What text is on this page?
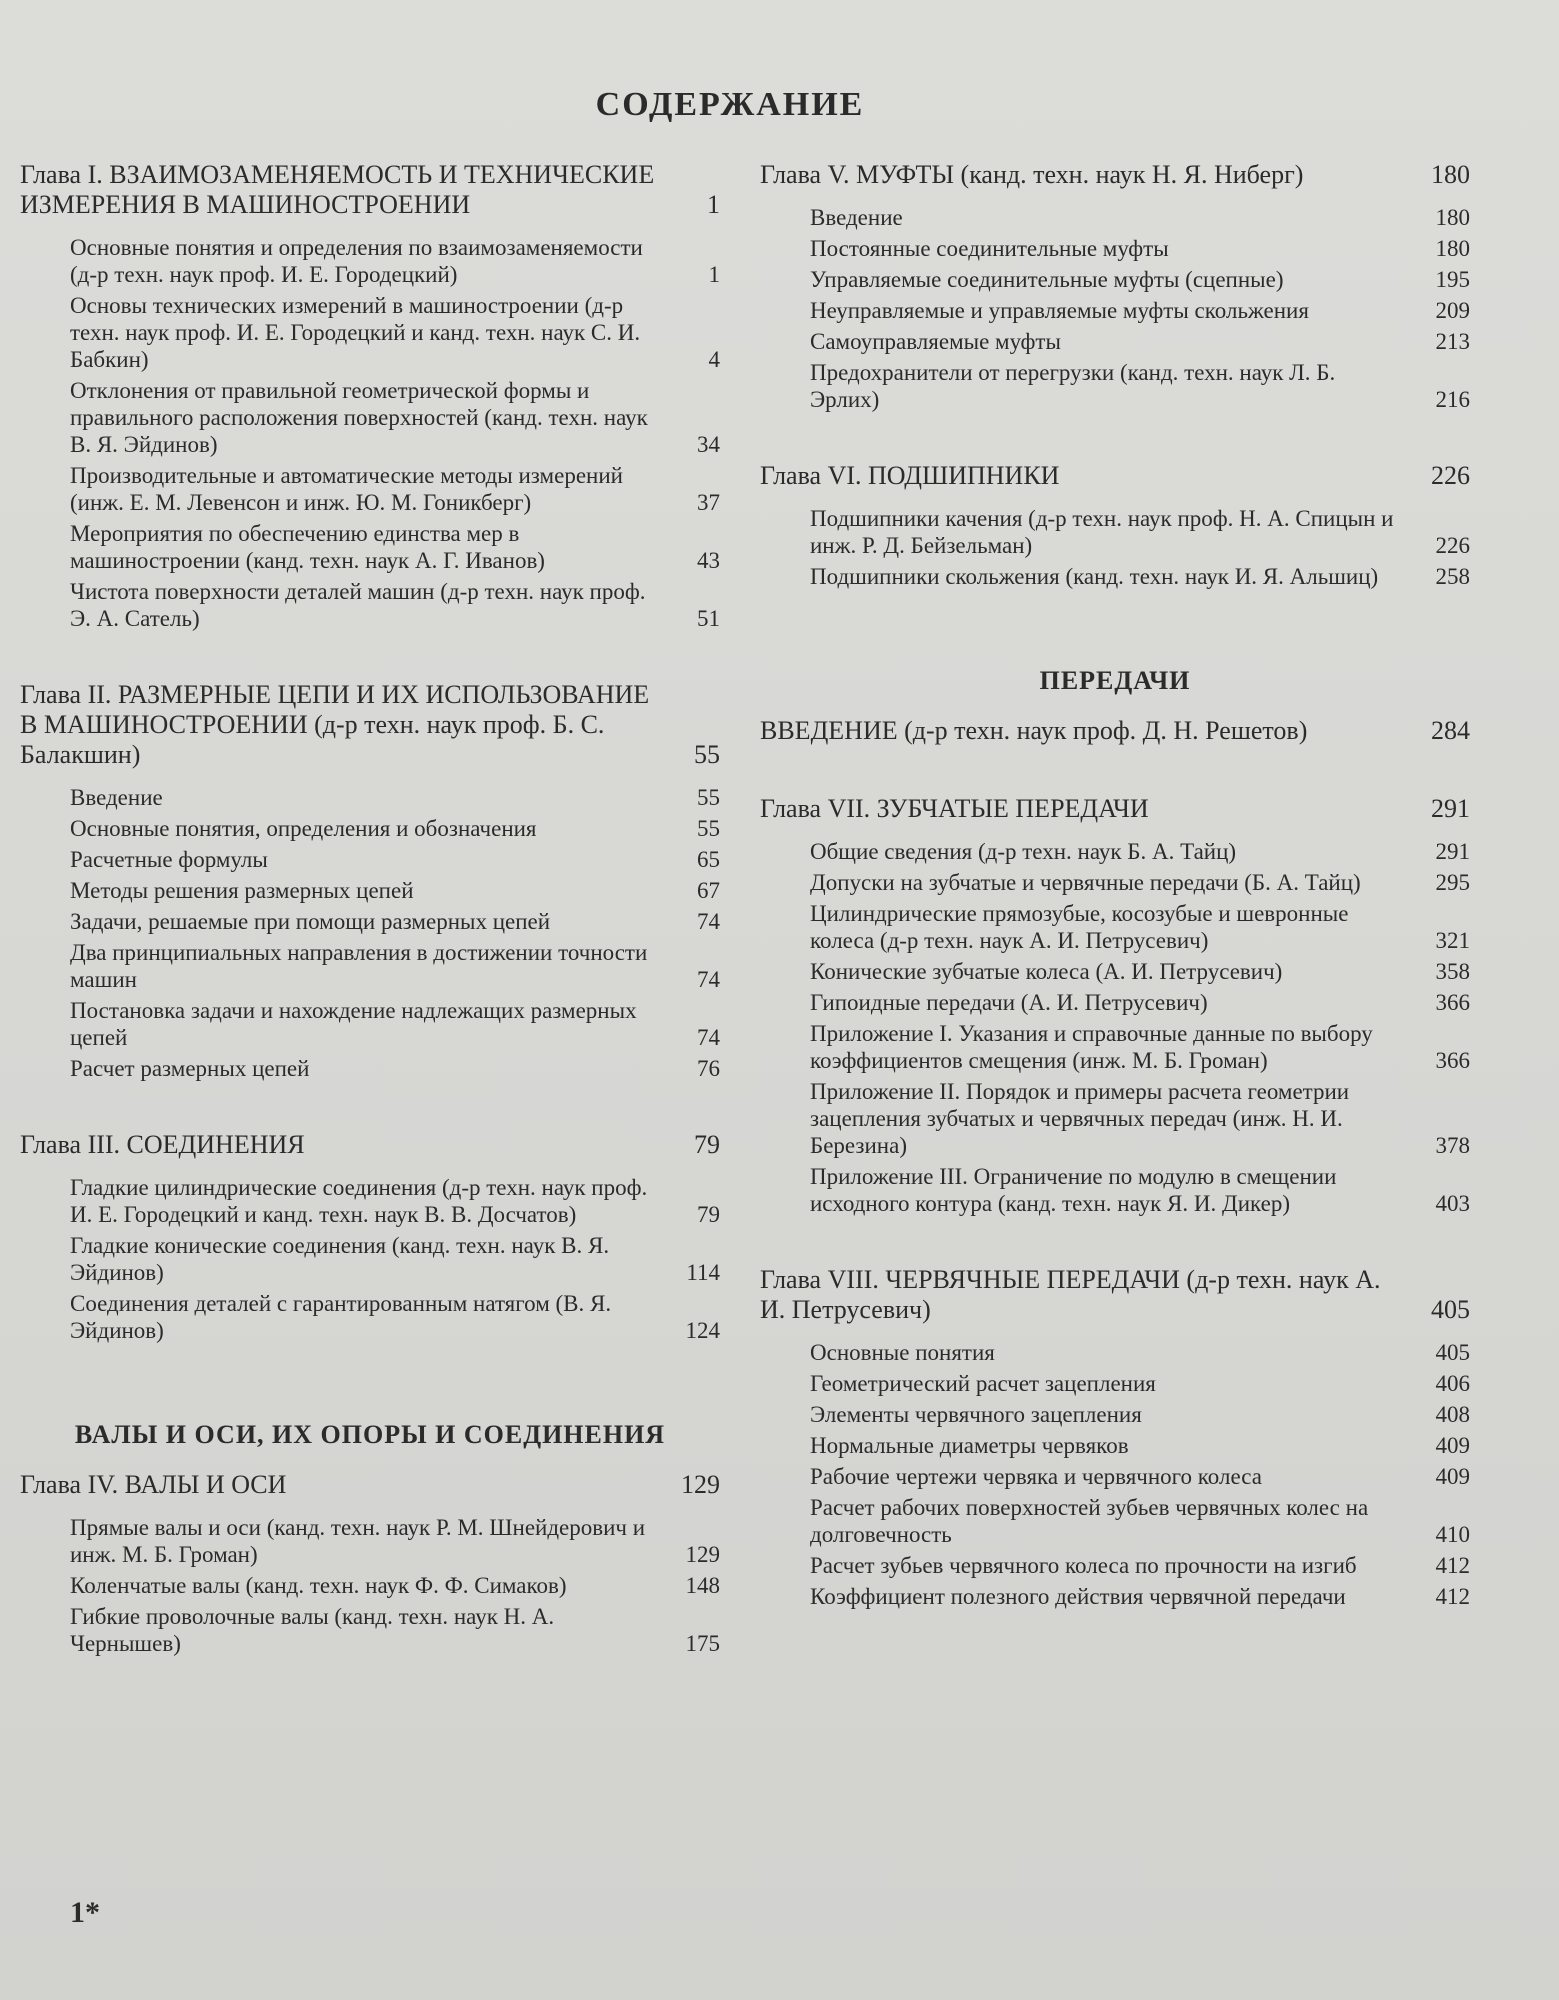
СОДЕРЖАНИЕ
Глава I. ВЗАИМОЗАМЕНЯЕМОСТЬ И ТЕХНИЧЕСКИЕ ИЗМЕРЕНИЯ В МАШИНОСТРОЕНИИ	1
Основные понятия и определения по взаимозаменяемости (д-р техн. наук проф. И. Е. Городецкий)	1
Основы технических измерений в машиностроении (д-р техн. наук проф. И. Е. Городецкий и канд. техн. наук С. И. Бабкин)	4
Отклонения от правильной геометрической формы и правильного расположения поверхностей (канд. техн. наук В. Я. Эйдинов)	34
Производительные и автоматические методы измерений (инж. Е. М. Левенсон и инж. Ю. М. Гоникберг)	37
Мероприятия по обеспечению единства мер в машиностроении (канд. техн. наук А. Г. Иванов)	43
Чистота поверхности деталей машин (д-р техн. наук проф. Э. А. Сатель)	51
Глава II. РАЗМЕРНЫЕ ЦЕПИ И ИХ ИСПОЛЬЗОВАНИЕ В МАШИНОСТРОЕНИИ (д-р техн. наук проф. Б. С. Балакшин)	55
Введение	55
Основные понятия, определения и обозначения	55
Расчетные формулы	65
Методы решения размерных цепей	67
Задачи, решаемые при помощи размерных цепей	74
Два принципиальных направления в достижении точности машин	74
Постановка задачи и нахождение надлежащих размерных цепей	74
Расчет размерных цепей	76
Глава III. СОЕДИНЕНИЯ	79
Гладкие цилиндрические соединения (д-р техн. наук проф. И. Е. Городецкий и канд. техн. наук В. В. Досчатов)	79
Гладкие конические соединения (канд. техн. наук В. Я. Эйдинов)	114
Соединения деталей с гарантированным натягом (В. Я. Эйдинов)	124
ВАЛЫ И ОСИ, ИХ ОПОРЫ И СОЕДИНЕНИЯ
Глава IV. ВАЛЫ И ОСИ	129
Прямые валы и оси (канд. техн. наук Р. М. Шнейдерович и инж. М. Б. Громан)	129
Коленчатые валы (канд. техн. наук Ф. Ф. Симаков)	148
Гибкие проволочные валы (канд. техн. наук Н. А. Чернышев)	175
Глава V. МУФТЫ (канд. техн. наук Н. Я. Ниберг)	180
Введение	180
Постоянные соединительные муфты	180
Управляемые соединительные муфты (сцепные)	195
Неуправляемые и управляемые муфты скольжения	209
Самоуправляемые муфты	213
Предохранители от перегрузки (канд. техн. наук Л. Б. Эрлих)	216
Глава VI. ПОДШИПНИКИ	226
Подшипники качения (д-р техн. наук проф. Н. А. Спицын и инж. Р. Д. Бейзельман)	226
Подшипники скольжения (канд. техн. наук И. Я. Альшиц)	258
ПЕРЕДАЧИ
ВВЕДЕНИЕ (д-р техн. наук проф. Д. Н. Решетов)	284
Глава VII. ЗУБЧАТЫЕ ПЕРЕДАЧИ	291
Общие сведения (д-р техн. наук Б. А. Тайц)	291
Допуски на зубчатые и червячные передачи (Б. А. Тайц)	295
Цилиндрические прямозубые, косозубые и шевронные колеса (д-р техн. наук А. И. Петрусевич)	321
Конические зубчатые колеса (А. И. Петрусевич)	358
Гипоидные передачи (А. И. Петрусевич)	366
Приложение I. Указания и справочные данные по выбору коэффициентов смещения (инж. М. Б. Громан)	366
Приложение II. Порядок и примеры расчета геометрии зацепления зубчатых и червячных передач (инж. Н. И. Березина)	378
Приложение III. Ограничение по модулю в смещении исходного контура (канд. техн. наук Я. И. Дикер)	403
Глава VIII. ЧЕРВЯЧНЫЕ ПЕРЕДАЧИ (д-р техн. наук А. И. Петрусевич)	405
Основные понятия	405
Геометрический расчет зацепления	406
Элементы червячного зацепления	408
Нормальные диаметры червяков	409
Рабочие чертежи червяка и червячного колеса	409
Расчет рабочих поверхностей зубьев червячных колес на долговечность	410
Расчет зубьев червячного колеса по прочности на изгиб	412
Коэффициент полезного действия червячной передачи	412
1*
